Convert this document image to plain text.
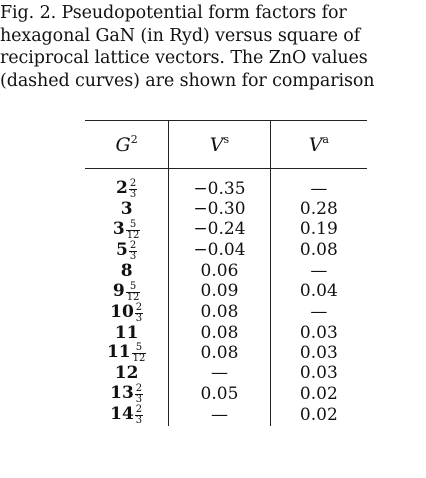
Fig. 2. Pseudopotential form factors for
hexagonal GaN (in Ryd) versus square of
reciprocal lattice vectors. The ZnO values
(dashed curves) are shown for comparison
$G^2$	$V^s$	$V^a$
$2 \frac{2}{3}$	−0.35	—
3	−0.30	0.28
$3 \frac{5}{12}$	−0.24	0.19
$5 \frac{2}{3}$	−0.04	0.08
8	0.06	—
$9 \frac{5}{12}$	0.09	0.04
$10 \frac{2}{3}$	0.08	—
11	0.08	0.03
$11 \frac{5}{12}$	0.08	0.03
12	—	0.03
$13 \frac{2}{3}$	0.05	0.02
$14 \frac{2}{3}$	—	0.02
